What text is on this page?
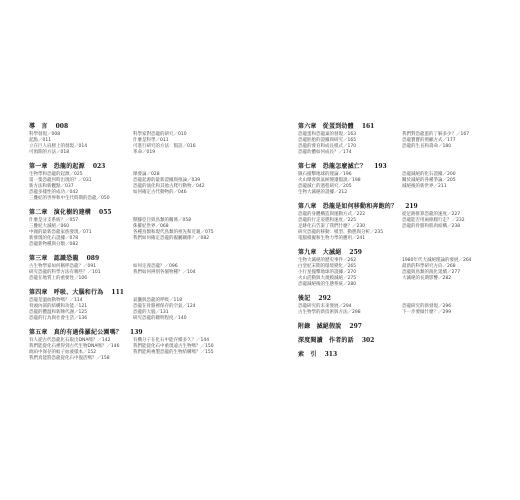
導　言 008
科學發現／008
起點／011
立在巨人肩膀上的發現／014
可預期的方法／018
科學家對恐龍的研究／010
什麼是科學／011
可進行研究的方法：假設／016
革命／019
第一章　恐龍的起源 023
生物學和恐龍的起源／025
第一隻恐龍何時出現的？／031
新方法和新觀點／037
恐龍多樣性的成功／042
三疊紀的世界和中生代時期的恐龍／050
爆發論／028
恐龍起源的最新證據與推論／039
恐龍的演化和其他古爬行動物／042
如何確定古代動物的／046
第二章　演化樹的建構 055
什麼是分支系統？／057
三疊紀大滅絕／060
中國的最新恐龍家族發現／071
新發現的化石證據／078
恐龍新物種與分類／082
獸腳亞目與鳥類的關係／058
侏羅紀世界／068
各種鳥類和現代鳥類的祖先和近親／075
我們如何確定恐龍的親屬關係？／082
第三章　認識恐龍 089
古生物學家如何稱呼恐龍？／091
研究恐龍的科學方法有哪些？／101
恐龍在地質上的重要性／106
如何定義恐龍？／096
我們如何辨別各個物種？／104
第四章　呼吸、大腦和行為 111
恐龍是溫血動物嗎？／114
骨頭內部的結構和功能／121
恐龍的體溫和新陳代謝／125
恐龍的行為與社會生活／136
氣囊與恐龍的呼吸／118
恐龍在骨骼裡保存的空氣／124
恐龍的大腦／131
研究恐龍的聰明程度／140
第五章　真的有過侏羅紀公園嗎？ 139
有人從古代恐龍化石取出DNA嗎？／142
我們能從化石裡得到古代生物DNA嗎？／146
琥珀中保存的蚊子血液樣本／152
我們真能將恐龍從化石中復活嗎？／158
有機分子在化石中能存續多久？／144
我們能從化石中重現遠古生物嗎？／150
我們能夠複製恐龍的生物結構嗎？／155
第六章　從蛋到幼體 161
恐龍蛋和恐龍巢的發現／163
恐龍胚胎的證據與研究／165
恐龍的發育和成長模式／170
恐龍幼體如何成長？／174
我們對恐龍蛋的了解多少？／167
恐龍寶寶的照顧方式／177
恐龍的生長和壽命／180
第七章　恐龍怎麼滅亡？ 193
隕石撞擊地球的理論／196
火山爆發與氣候變遷假說／198
恐龍滅亡的過程研究／205
生物大滅絕的證據／212
恐龍滅絕的化石證據／200
關於滅絕的各種爭論／205
滅絕後的新世界／211
第八章　恐龍是如何移動和奔跑的？ 219
恐龍的身體構造與運動方式／222
恐龍的行走姿態和速度／225
足跡化石告訴了我們什麼？／230
研究恐龍的移動：模型、動態與分析／235
電腦模擬和生物力學的應用／241
從足跡推算恐龍的速度／227
恐龍能否用兩條腿行走？／232
恐龍的骨骼和肌肉結構／238
第九章　大滅絕 259
生物大滅絕的歷史事件／262
白堊紀末期的環境變化／265
小行星撞擊地球的證據／270
火山活動與大規模滅絕／275
恐龍滅絕後的生態系統／280
1980年代大滅絕理論的發展／264
最新的科學研究方向／268
恐龍與鳥類的演化延續／277
大滅絕的長期影響／282
後記 292
恐龍研究的未來發展／294
古生物學的新技術與方法／298
恐龍研究的新發現／296
下一步要做什麼？／299
附錄　滅絕假說 297
深度閱讀　作者的話 302
索　引 313
